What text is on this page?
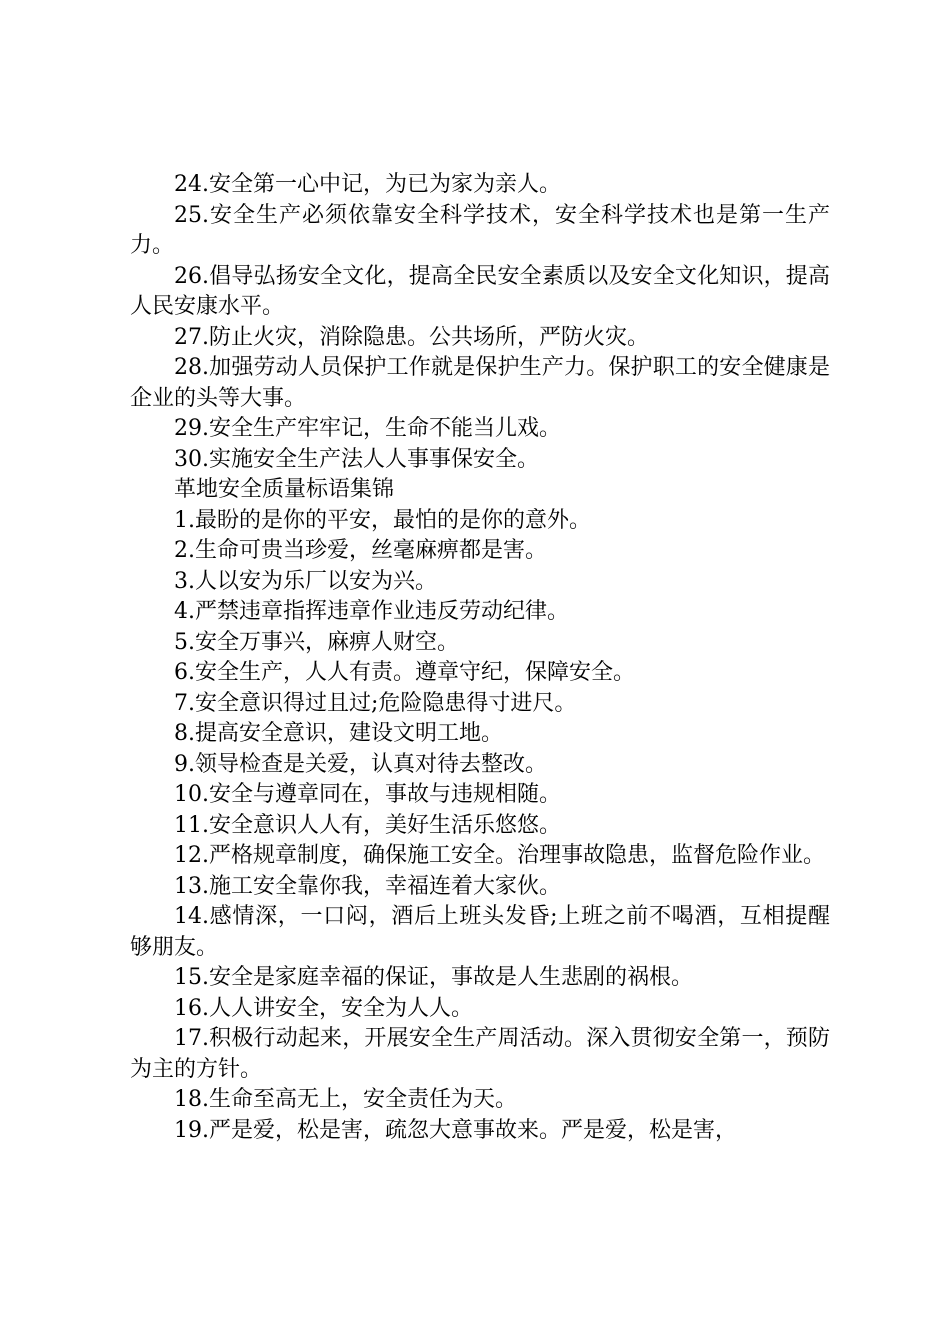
24.安全第一心中记，为已为家为亲人。

25.安全生产必须依靠安全科学技术，安全科学技术也是第一生产力。

26.倡导弘扬安全文化，提高全民安全素质以及安全文化知识，提高人民安康水平。

27.防止火灾，消除隐患。公共场所，严防火灾。

28.加强劳动人员保护工作就是保护生产力。保护职工的安全健康是企业的头等大事。

29.安全生产牢牢记，生命不能当儿戏。

30.实施安全生产法人人事事保安全。

革地安全质量标语集锦

1.最盼的是你的平安，最怕的是你的意外。

2.生命可贵当珍爱，丝毫麻痹都是害。

3.人以安为乐厂以安为兴。

4.严禁违章指挥违章作业违反劳动纪律。

5.安全万事兴，麻痹人财空。

6.安全生产，人人有责。遵章守纪，保障安全。

7.安全意识得过且过;危险隐患得寸进尺。

8.提高安全意识，建设文明工地。

9.领导检查是关爱，认真对待去整改。

10.安全与遵章同在，事故与违规相随。

11.安全意识人人有，美好生活乐悠悠。

12.严格规章制度，确保施工安全。治理事故隐患，监督危险作业。

13.施工安全靠你我，幸福连着大家伙。

14.感情深，一口闷，酒后上班头发昏;上班之前不喝酒，互相提醒够朋友。

15.安全是家庭幸福的保证，事故是人生悲剧的祸根。

16.人人讲安全，安全为人人。

17.积极行动起来，开展安全生产周活动。深入贯彻安全第一，预防为主的方针。

18.生命至高无上，安全责任为天。

19.严是爱，松是害，疏忽大意事故来。严是爱，松是害，
